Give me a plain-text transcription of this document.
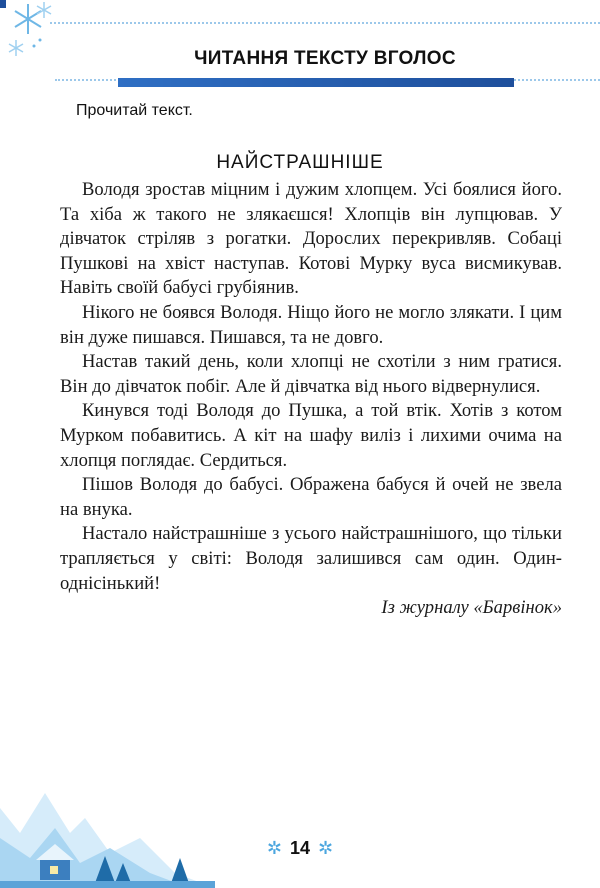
ЧИТАННЯ ТЕКСТУ ВГОЛОС
Прочитай текст.
НАЙСТРАШНІШЕ

Володя зростав міцним і дужим хлопцем. Усі боялися його. Та хіба ж такого не злякаєшся! Хлопців він лупцював. У дівчаток стріляв з рогатки. Дорослих перекривляв. Собаці Пушкові на хвіст наступав. Котові Мурку вуса висмикував. Навіть своїй бабусі грубіянив.

Нікого не боявся Володя. Ніщо його не могло злякати. І цим він дуже пишався. Пишався, та не довго.

Настав такий день, коли хлопці не схотіли з ним гратися. Він до дівчаток побіг. Але й дівчатка від нього відвернулися.

Кинувся тоді Володя до Пушка, а той втік. Хотів з котом Мурком побавитись. А кіт на шафу виліз і лихими очима на хлопця поглядає. Сердиться.

Пішов Володя до бабусі. Ображена бабуся й очей не звела на внука.

Настало найстрашніше з усього найстрашнішого, що тільки трапляється у світі: Володя залишився сам один. Один-однісінький!

Із журналу «Барвінок»
✲ 14 ✲
